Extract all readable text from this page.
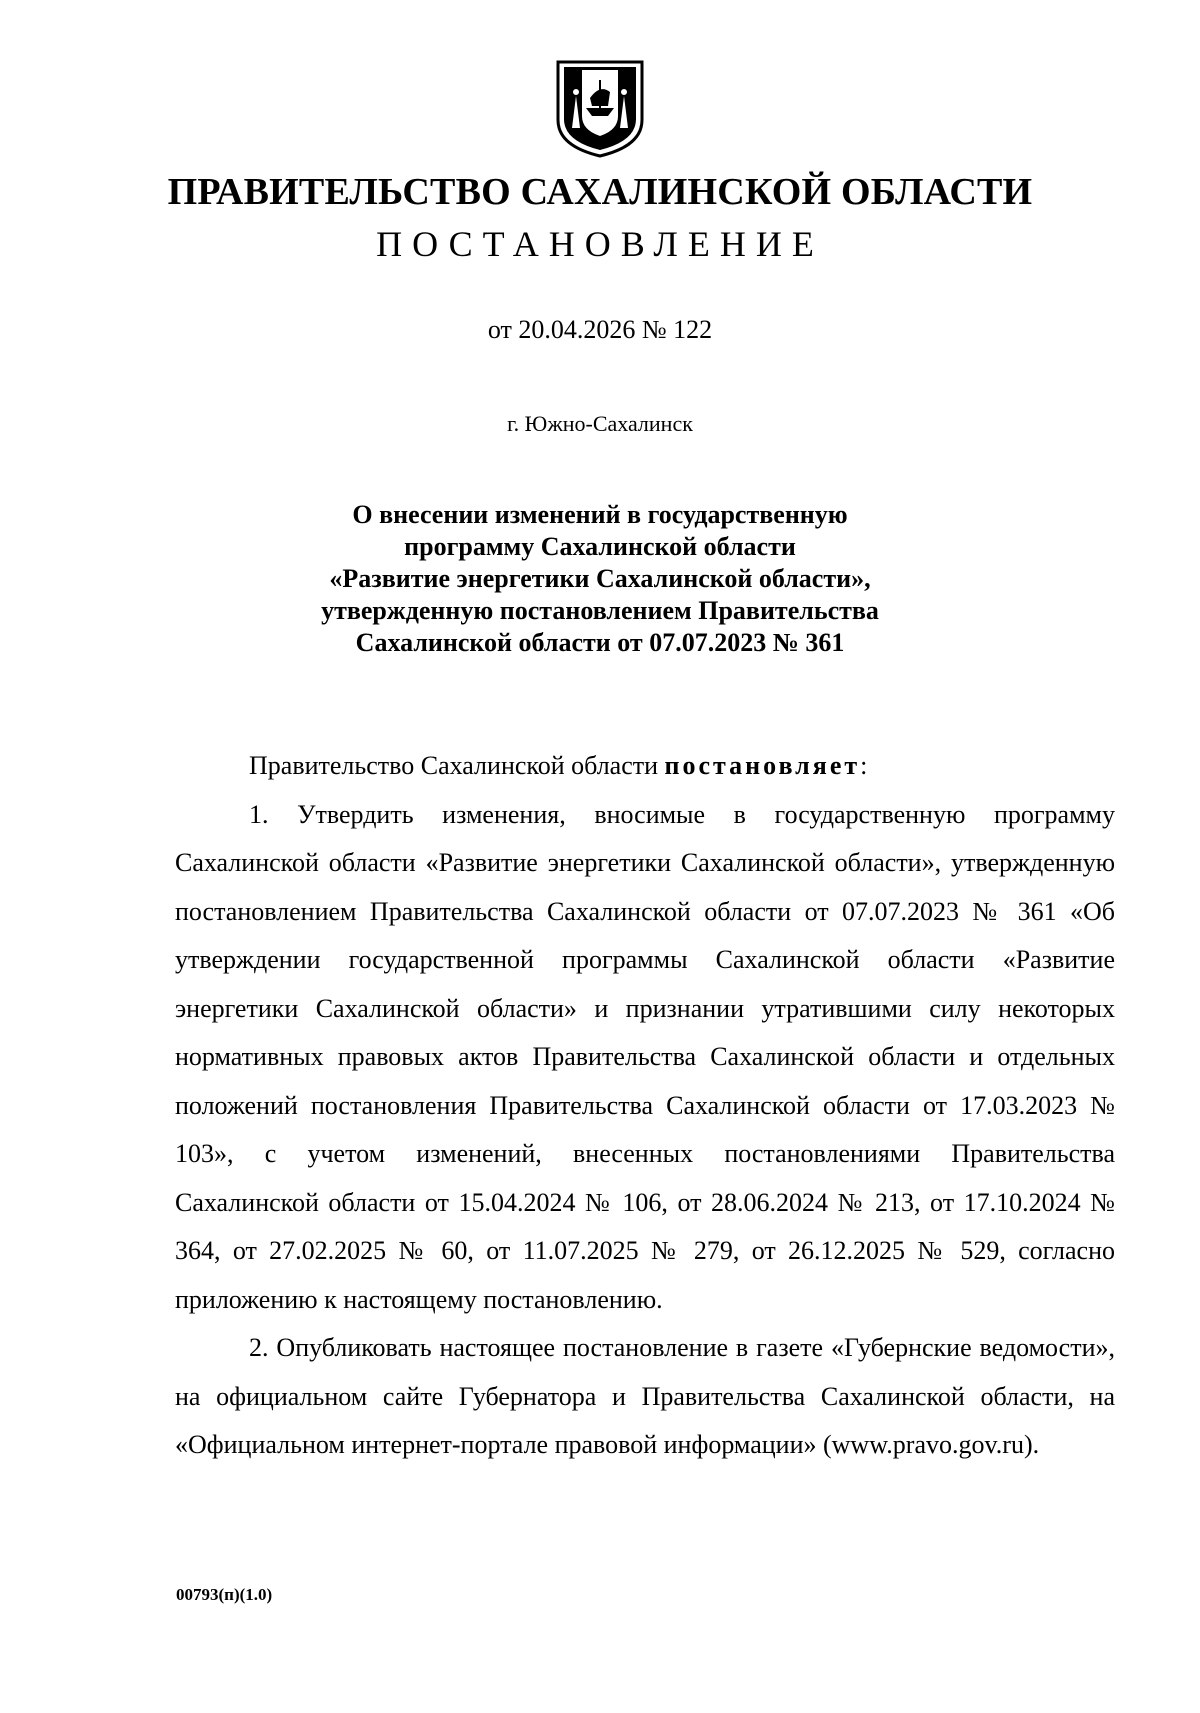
ПРАВИТЕЛЬСТВО САХАЛИНСКОЙ ОБЛАСТИ
ПОСТАНОВЛЕНИЕ
от 20.04.2026 № 122
г. Южно-Сахалинск
О внесении изменений в государственную
программу Сахалинской области
«Развитие энергетики Сахалинской области»,
утвержденную постановлением Правительства
Сахалинской области от 07.07.2023 № 361

Правительство Сахалинской области постановляет:

1. Утвердить изменения, вносимые в государственную программу Сахалинской области «Развитие энергетики Сахалинской области», утвержденную постановлением Правительства Сахалинской области от 07.07.2023 № 361 «Об утверждении государственной программы Сахалинской области «Развитие энергетики Сахалинской области» и признании утратившими силу некоторых нормативных правовых актов Правительства Сахалинской области и отдельных положений постановления Правительства Сахалинской области от 17.03.2023 № 103», с учетом изменений, внесенных постановлениями Правительства Сахалинской области от 15.04.2024 № 106, от 28.06.2024 № 213, от 17.10.2024 № 364, от 27.02.2025 № 60, от 11.07.2025 № 279, от 26.12.2025 № 529, согласно приложению к настоящему постановлению.

2. Опубликовать настоящее постановление в газете «Губернские ведомости», на официальном сайте Губернатора и Правительства Сахалинской области, на «Официальном интернет-портале правовой информации» (www.pravo.gov.ru).

00793(п)(1.0)
